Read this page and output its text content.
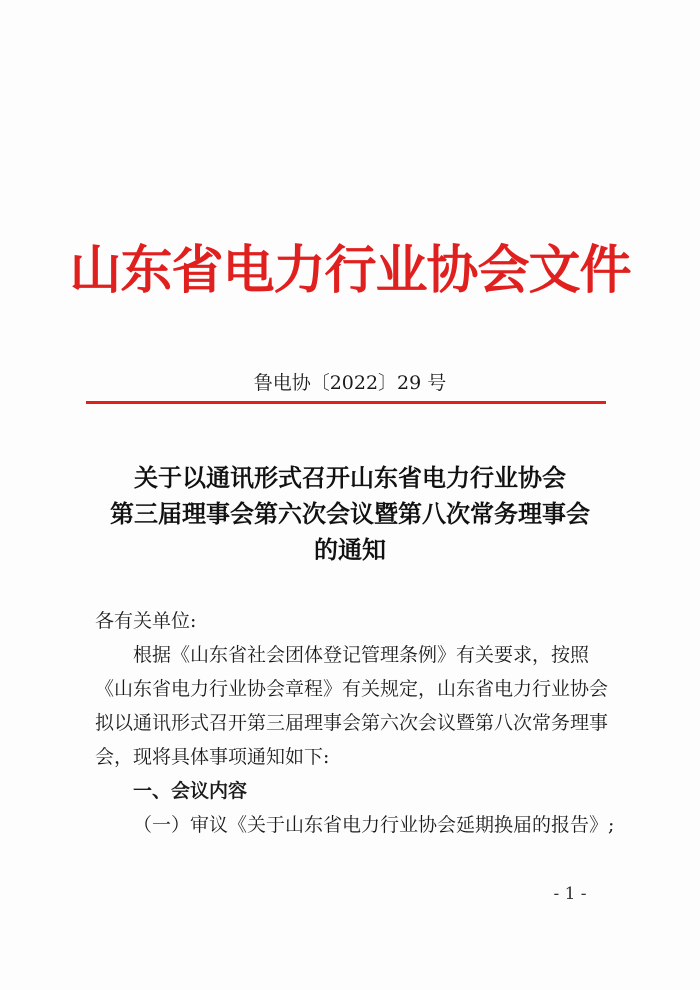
山东省电力行业协会文件
鲁电协〔2022〕29 号
关于以通讯形式召开山东省电力行业协会
第三届理事会第六次会议暨第八次常务理事会
的通知

各有关单位:

根据《山东省社会团体登记管理条例》有关要求，按照《山东省电力行业协会章程》有关规定，山东省电力行业协会拟以通讯形式召开第三届理事会第六次会议暨第八次常务理事会，现将具体事项通知如下:

一、会议内容

（一）审议《关于山东省电力行业协会延期换届的报告》;

- 1 -
